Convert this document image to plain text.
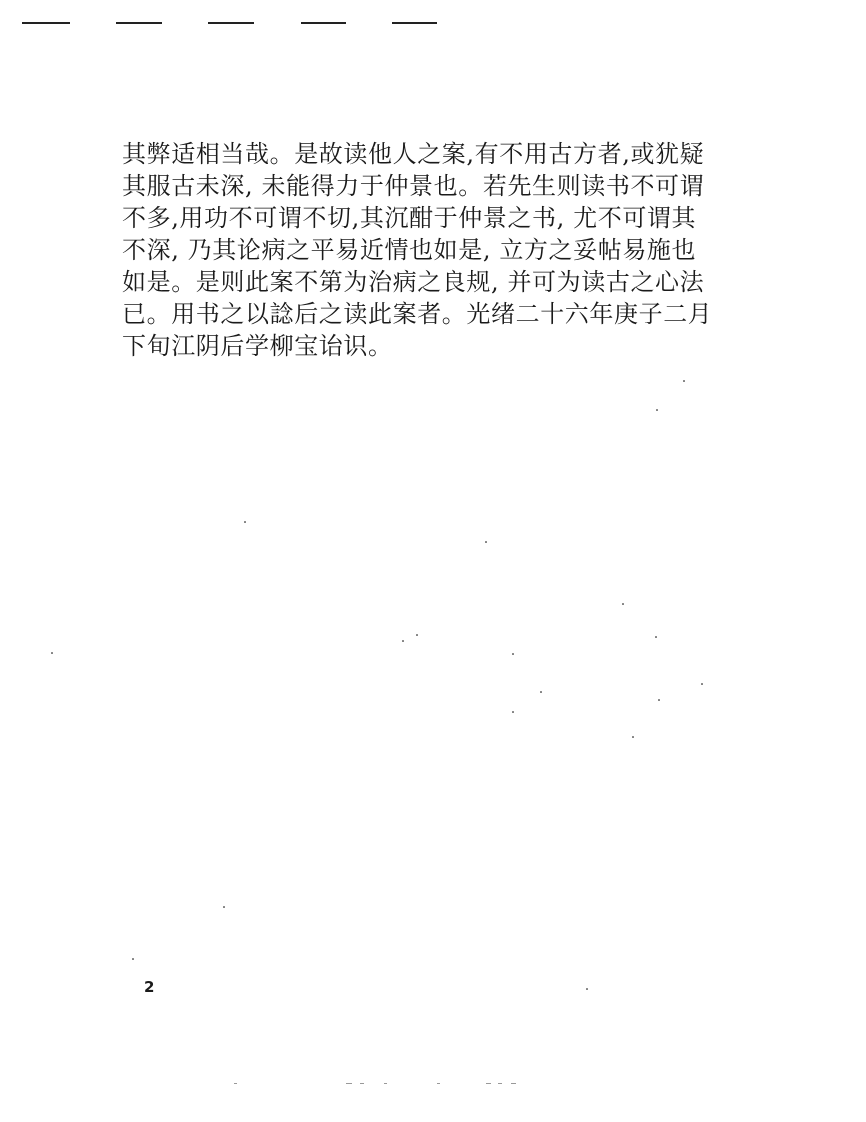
其弊适相当哉。是故读他人之案,有不用古方者,或犹疑
其服古未深, 未能得力于仲景也。若先生则读书不可谓
不多,用功不可谓不切,其沉酣于仲景之书, 尤不可谓其
不深, 乃其论病之平易近情也如是, 立方之妥帖易施也
如是。是则此案不第为治病之良规, 并可为读古之心法
已。用书之以諗后之读此案者。光绪二十六年庚子二月
下旬江阴后学柳宝诒识。
2
